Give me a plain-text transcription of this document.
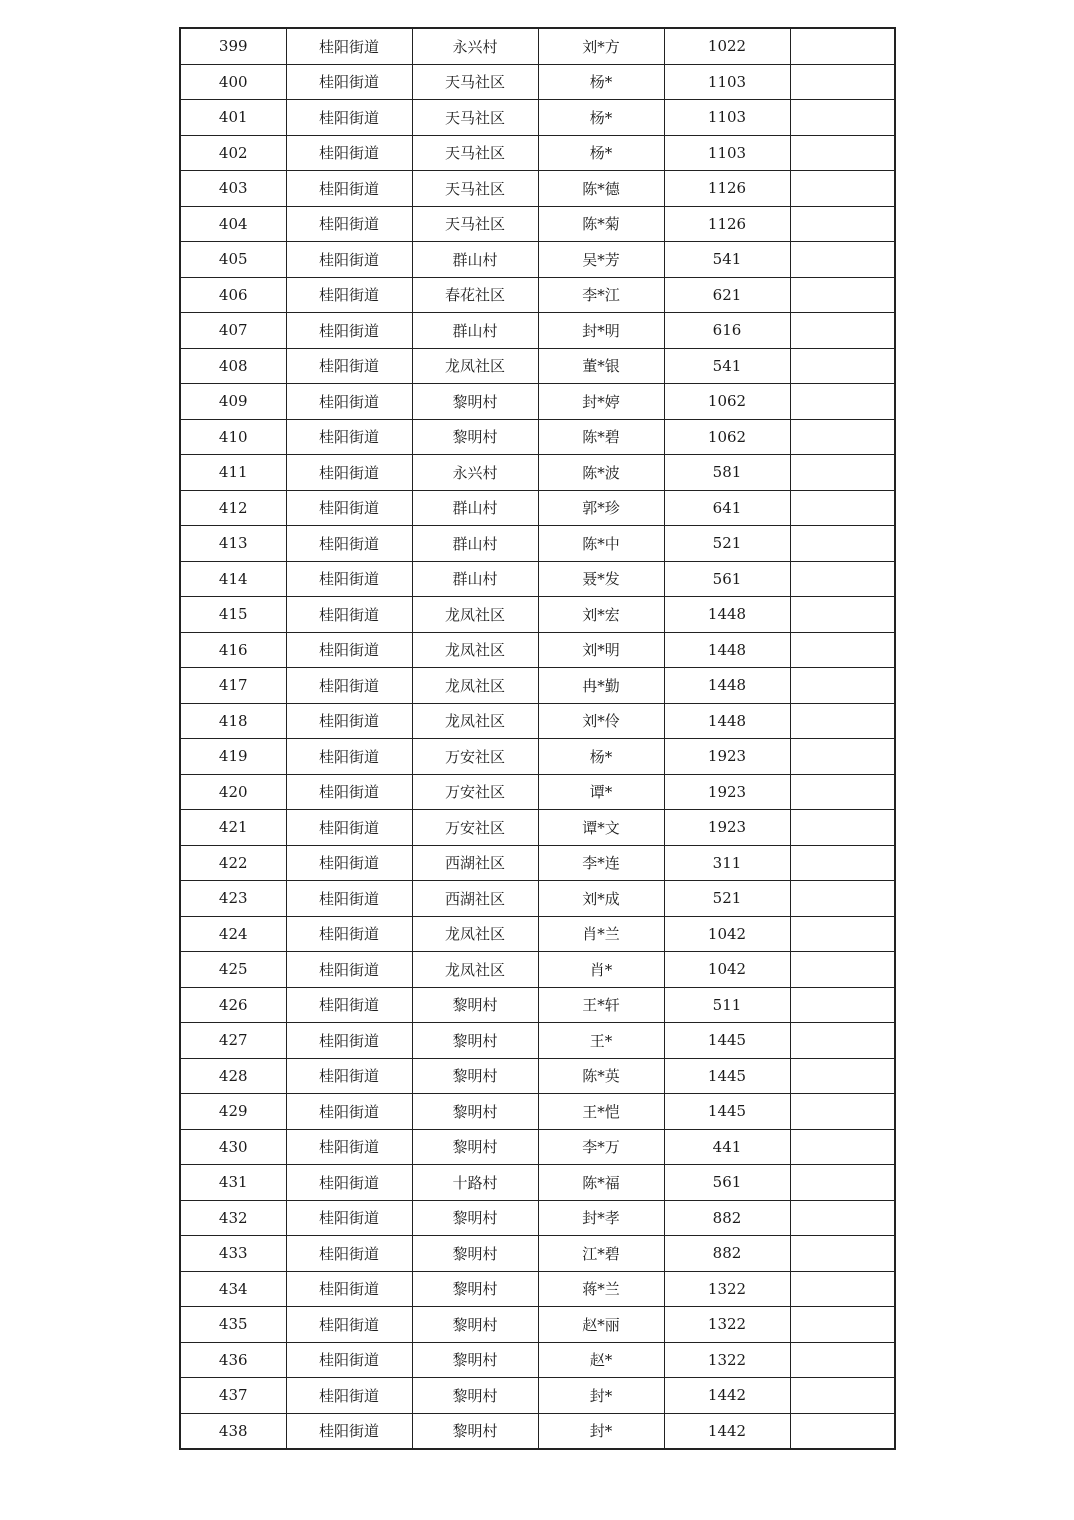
399	桂阳街道	永兴村	刘*方	1022	
400	桂阳街道	天马社区	杨*	1103	
401	桂阳街道	天马社区	杨*	1103	
402	桂阳街道	天马社区	杨*	1103	
403	桂阳街道	天马社区	陈*德	1126	
404	桂阳街道	天马社区	陈*菊	1126	
405	桂阳街道	群山村	吴*芳	541	
406	桂阳街道	春花社区	李*江	621	
407	桂阳街道	群山村	封*明	616	
408	桂阳街道	龙凤社区	董*银	541	
409	桂阳街道	黎明村	封*婷	1062	
410	桂阳街道	黎明村	陈*碧	1062	
411	桂阳街道	永兴村	陈*波	581	
412	桂阳街道	群山村	郭*珍	641	
413	桂阳街道	群山村	陈*中	521	
414	桂阳街道	群山村	聂*发	561	
415	桂阳街道	龙凤社区	刘*宏	1448	
416	桂阳街道	龙凤社区	刘*明	1448	
417	桂阳街道	龙凤社区	冉*勤	1448	
418	桂阳街道	龙凤社区	刘*伶	1448	
419	桂阳街道	万安社区	杨*	1923	
420	桂阳街道	万安社区	谭*	1923	
421	桂阳街道	万安社区	谭*文	1923	
422	桂阳街道	西湖社区	李*连	311	
423	桂阳街道	西湖社区	刘*成	521	
424	桂阳街道	龙凤社区	肖*兰	1042	
425	桂阳街道	龙凤社区	肖*	1042	
426	桂阳街道	黎明村	王*轩	511	
427	桂阳街道	黎明村	王*	1445	
428	桂阳街道	黎明村	陈*英	1445	
429	桂阳街道	黎明村	王*恺	1445	
430	桂阳街道	黎明村	李*万	441	
431	桂阳街道	十路村	陈*福	561	
432	桂阳街道	黎明村	封*孝	882	
433	桂阳街道	黎明村	江*碧	882	
434	桂阳街道	黎明村	蒋*兰	1322	
435	桂阳街道	黎明村	赵*丽	1322	
436	桂阳街道	黎明村	赵*	1322	
437	桂阳街道	黎明村	封*	1442	
438	桂阳街道	黎明村	封*	1442	
